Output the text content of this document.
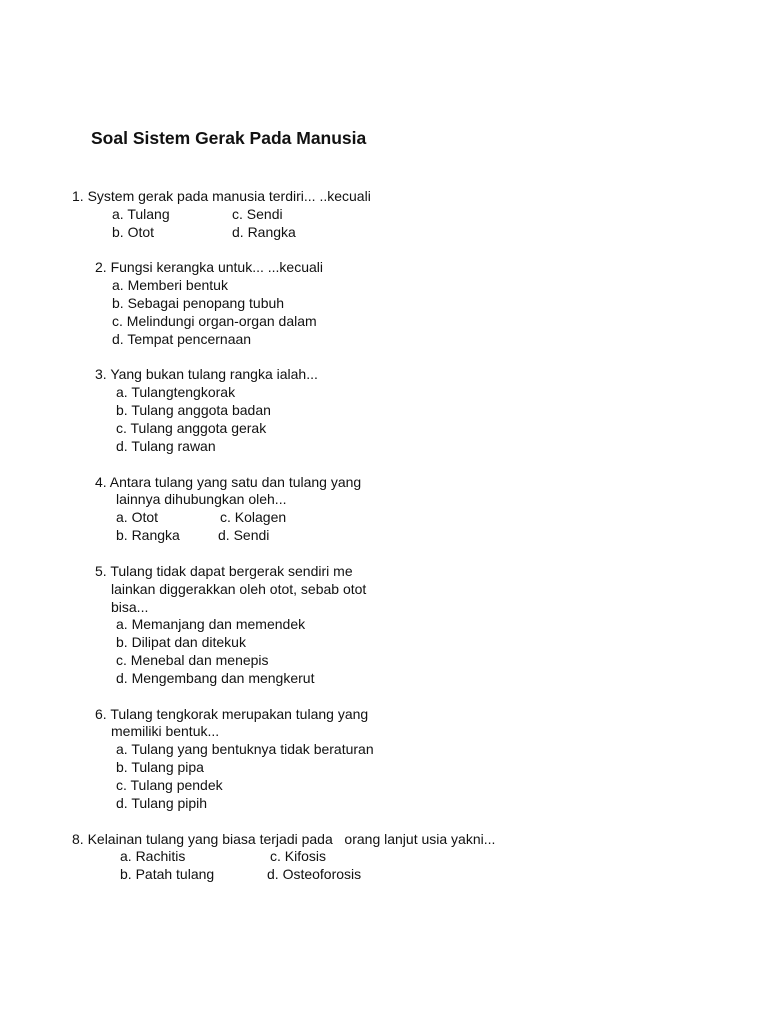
Soal Sistem Gerak Pada Manusia
1. System gerak pada manusia terdiri... ..kecuali
a. Tulang	c. Sendi
b. Otot	d. Rangka
2. Fungsi kerangka untuk... ...kecuali
a. Memberi bentuk
b. Sebagai penopang tubuh
c. Melindungi organ-organ dalam
d. Tempat pencernaan
3. Yang bukan tulang rangka ialah...
a. Tulangtengkorak
b. Tulang anggota badan
c. Tulang anggota gerak
d. Tulang rawan
4. Antara tulang yang satu dan tulang yang
lainnya dihubungkan oleh...
a. Otot	c. Kolagen
b. Rangka	d. Sendi
5. Tulang tidak dapat bergerak sendiri me
lainkan diggerakkan oleh otot, sebab otot
bisa...
a. Memanjang dan memendek
b. Dilipat dan ditekuk
c. Menebal dan menepis
d. Mengembang dan mengkerut
6. Tulang tengkorak merupakan tulang yang
memiliki bentuk...
a. Tulang yang bentuknya tidak beraturan
b. Tulang pipa
c. Tulang pendek
d. Tulang pipih
8. Kelainan tulang yang biasa terjadi pada   orang lanjut usia yakni...
a. Rachitis	c. Kifosis
b. Patah tulang	d. Osteoforosis
